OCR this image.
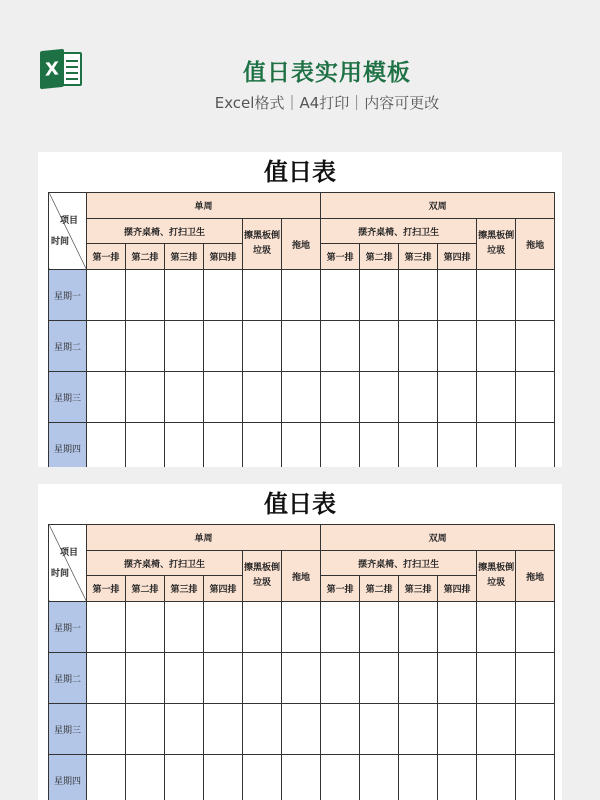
X	值日表实用模板
Excel格式｜A4打印｜内容可更改
值日表
项目
时间	单周						双周					
	摆齐桌椅、打扫卫生				擦黑板倒垃圾	拖地	摆齐桌椅、打扫卫生				擦黑板倒垃圾	拖地
	第一排	第二排	第三排	第四排			第一排	第二排	第三排	第四排		
星期一												
星期二												
星期三												
星期四												
值日表
项目
时间	单周						双周					
	摆齐桌椅、打扫卫生				擦黑板倒垃圾	拖地	摆齐桌椅、打扫卫生				擦黑板倒垃圾	拖地
	第一排	第二排	第三排	第四排			第一排	第二排	第三排	第四排		
星期一												
星期二												
星期三												
星期四												
